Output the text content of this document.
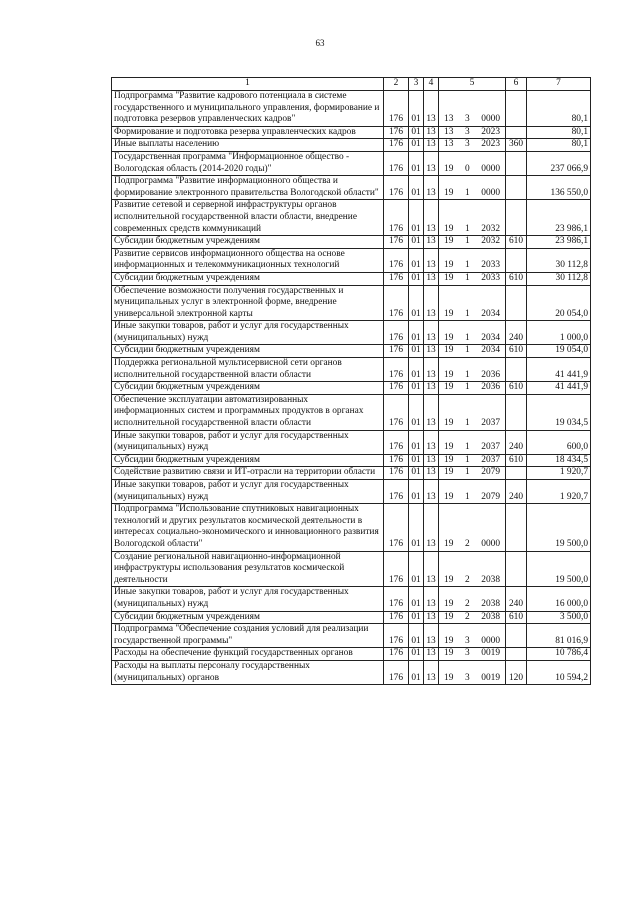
63
1	2	3	4	5	6	7
Подпрограмма "Развитие кадрового потенциала в системе государственного и муниципального управления, формирование и подготовка резервов управленческих кадров"	176	01	13	13 3 0000		80,1
Формирование и подготовка резерва управленческих кадров	176	01	13	13 3 2023		80,1
Иные выплаты населению	176	01	13	13 3 2023	360	80,1
Государственная программа "Информационное общество - Вологодская область (2014-2020 годы)"	176	01	13	19 0 0000		237 066,9
Подпрограмма "Развитие информационного общества и формирование электронного правительства Вологодской области"	176	01	13	19 1 0000		136 550,0
Развитие сетевой и серверной инфраструктуры органов исполнительной государственной власти области, внедрение современных средств коммуникаций	176	01	13	19 1 2032		23 986,1
Субсидии бюджетным учреждениям	176	01	13	19 1 2032	610	23 986,1
Развитие сервисов информационного общества на основе информационных и телекоммуникационных технологий	176	01	13	19 1 2033		30 112,8
Субсидии бюджетным учреждениям	176	01	13	19 1 2033	610	30 112,8
Обеспечение возможности получения государственных и муниципальных услуг в электронной форме, внедрение универсальной электронной карты	176	01	13	19 1 2034		20 054,0
Иные закупки товаров, работ и услуг для государственных (муниципальных) нужд	176	01	13	19 1 2034	240	1 000,0
Субсидии бюджетным учреждениям	176	01	13	19 1 2034	610	19 054,0
Поддержка региональной мультисервисной сети органов исполнительной государственной власти области	176	01	13	19 1 2036		41 441,9
Субсидии бюджетным учреждениям	176	01	13	19 1 2036	610	41 441,9
Обеспечение эксплуатации автоматизированных информационных систем и программных продуктов в органах исполнительной государственной власти области	176	01	13	19 1 2037		19 034,5
Иные закупки товаров, работ и услуг для государственных (муниципальных) нужд	176	01	13	19 1 2037	240	600,0
Субсидии бюджетным учреждениям	176	01	13	19 1 2037	610	18 434,5
Содействие развитию связи и ИТ-отрасли на территории области	176	01	13	19 1 2079		1 920,7
Иные закупки товаров, работ и услуг для государственных (муниципальных) нужд	176	01	13	19 1 2079	240	1 920,7
Подпрограмма "Использование спутниковых навигационных технологий и других результатов космической деятельности в интересах социально-экономического и инновационного развития Вологодской области"	176	01	13	19 2 0000		19 500,0
Создание региональной навигационно-информационной инфраструктуры использования результатов космической деятельности	176	01	13	19 2 2038		19 500,0
Иные закупки товаров, работ и услуг для государственных (муниципальных) нужд	176	01	13	19 2 2038	240	16 000,0
Субсидии бюджетным учреждениям	176	01	13	19 2 2038	610	3 500,0
Подпрограмма "Обеспечение создания условий для реализации государственной программы"	176	01	13	19 3 0000		81 016,9
Расходы на обеспечение функций государственных органов	176	01	13	19 3 0019		10 786,4
Расходы на выплаты персоналу государственных (муниципальных) органов	176	01	13	19 3 0019	120	10 594,2
